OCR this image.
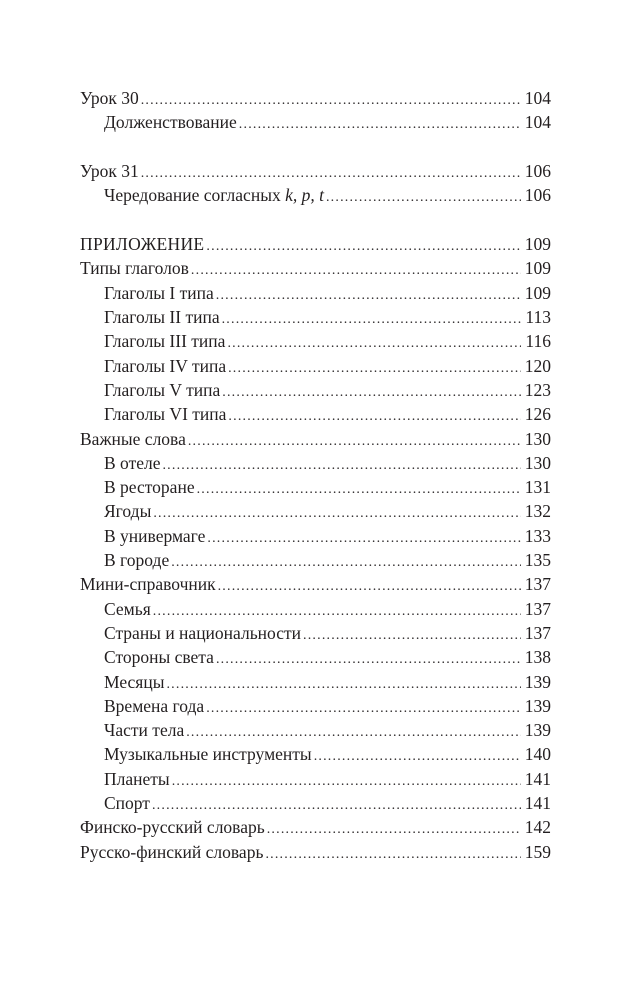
Урок 30 .....	104
Долженствование .....	104
Урок 31 .....	106
Чередование согласных k, p, t .....	106
ПРИЛОЖЕНИЕ .....	109
Типы глаголов .....	109
Глаголы I типа .....	109
Глаголы II типа .....	113
Глаголы III типа .....	116
Глаголы IV типа .....	120
Глаголы V типа .....	123
Глаголы VI типа .....	126
Важные слова .....	130
В отеле .....	130
В ресторане .....	131
Ягоды .....	132
В универмаге .....	133
В городе .....	135
Мини-справочник .....	137
Семья .....	137
Страны и национальности .....	137
Стороны света .....	138
Месяцы .....	139
Времена года .....	139
Части тела .....	139
Музыкальные инструменты .....	140
Планеты .....	141
Спорт .....	141
Финско-русский словарь .....	142
Русско-финский словарь .....	159
